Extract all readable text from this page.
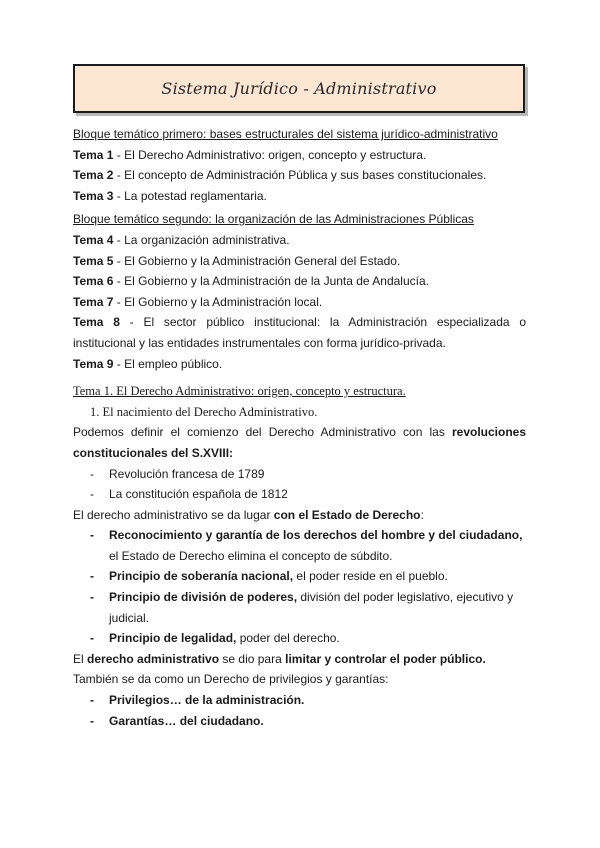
Sistema Jurídico - Administrativo

Bloque temático primero: bases estructurales del sistema jurídico-administrativo

Tema 1 - El Derecho Administrativo: origen, concepto y estructura.

Tema 2 - El concepto de Administración Pública y sus bases constitucionales.

Tema 3 - La potestad reglamentaria.

Bloque temático segundo: la organización de las Administraciones Públicas

Tema 4 - La organización administrativa.

Tema 5 - El Gobierno y la Administración General del Estado.

Tema 6 - El Gobierno y la Administración de la Junta de Andalucía.

Tema 7 - El Gobierno y la Administración local.

Tema 8 - El sector público institucional: la Administración especializada o

institucional y las entidades instrumentales con forma jurídico-privada.

Tema 9 - El empleo público.

Tema 1. El Derecho Administrativo: origen, concepto y estructura.

1. El nacimiento del Derecho Administrativo.

Podemos definir el comienzo del Derecho Administrativo con las revoluciones constitucionales del S.XVIII:

- Revolución francesa de 1789
- La constitución española de 1812

El derecho administrativo se da lugar con el Estado de Derecho:

- Reconocimiento y garantía de los derechos del hombre y del ciudadano, el Estado de Derecho elimina el concepto de súbdito.
- Principio de soberanía nacional, el poder reside en el pueblo.
- Principio de división de poderes, división del poder legislativo, ejecutivo y judicial.
- Principio de legalidad, poder del derecho.

El derecho administrativo se dio para limitar y controlar el poder público.

También se da como un Derecho de privilegios y garantías:

- Privilegios… de la administración.
- Garantías… del ciudadano.
